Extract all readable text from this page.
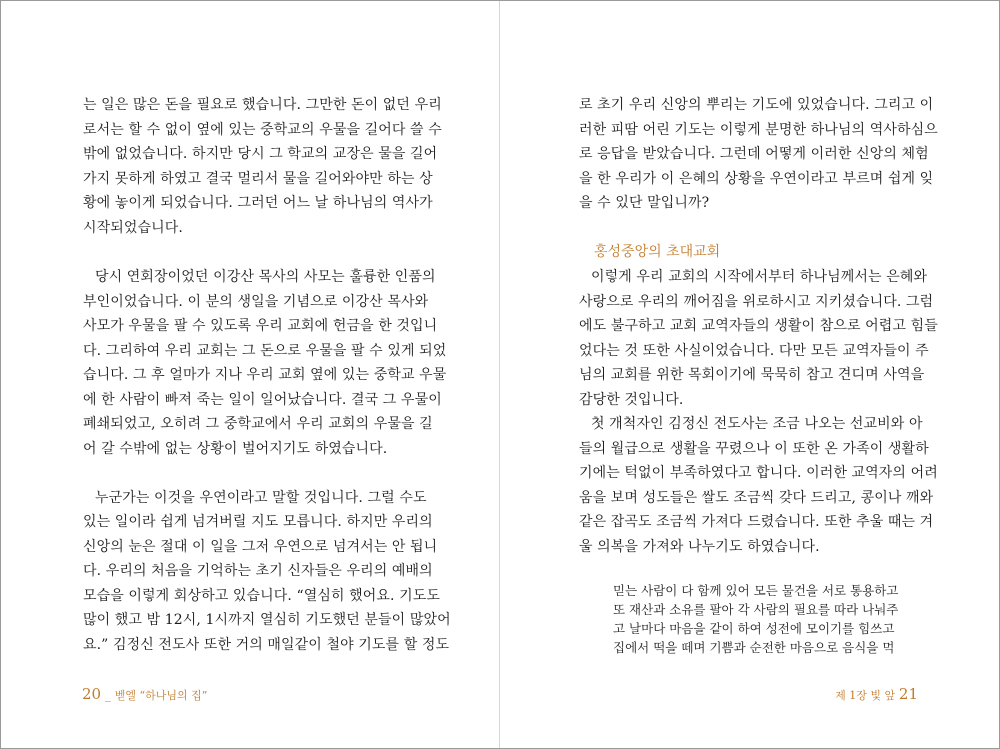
는 일은 많은 돈을 필요로 했습니다. 그만한 돈이 없던 우리
로서는 할 수 없이 옆에 있는 중학교의 우물을 길어다 쓸 수
밖에 없었습니다. 하지만 당시 그 학교의 교장은 물을 길어
가지 못하게 하였고 결국 멀리서 물을 길어와야만 하는 상
황에 놓이게 되었습니다. 그러던 어느 날 하나님의 역사가
시작되었습니다.
당시 연회장이었던 이강산 목사의 사모는 훌륭한 인품의
부인이었습니다. 이 분의 생일을 기념으로 이강산 목사와
사모가 우물을 팔 수 있도록 우리 교회에 헌금을 한 것입니
다. 그리하여 우리 교회는 그 돈으로 우물을 팔 수 있게 되었
습니다. 그 후 얼마가 지나 우리 교회 옆에 있는 중학교 우물
에 한 사람이 빠져 죽는 일이 일어났습니다. 결국 그 우물이
폐쇄되었고, 오히려 그 중학교에서 우리 교회의 우물을 길
어 갈 수밖에 없는 상황이 벌어지기도 하였습니다.
누군가는 이것을 우연이라고 말할 것입니다. 그럴 수도
있는 일이라 쉽게 넘겨버릴 지도 모릅니다. 하지만 우리의
신앙의 눈은 절대 이 일을 그저 우연으로 넘겨서는 안 됩니
다. 우리의 처음을 기억하는 초기 신자들은 우리의 예배의
모습을 이렇게 회상하고 있습니다. “열심히 했어요. 기도도
많이 했고 밤 12시, 1시까지 열심히 기도했던 분들이 많았어
요.” 김정신 전도사 또한 거의 매일같이 철야 기도를 할 정도
20 _ 벧엘 “하나님의 집”
로 초기 우리 신앙의 뿌리는 기도에 있었습니다. 그리고 이
러한 피땀 어린 기도는 이렇게 분명한 하나님의 역사하심으
로 응답을 받았습니다. 그런데 어떻게 이러한 신앙의 체험
을 한 우리가 이 은혜의 상황을 우연이라고 부르며 쉽게 잊
을 수 있단 말입니까?
홍성중앙의 초대교회
이렇게 우리 교회의 시작에서부터 하나님께서는 은혜와
사랑으로 우리의 깨어짐을 위로하시고 지키셨습니다. 그럼
에도 불구하고 교회 교역자들의 생활이 참으로 어렵고 힘들
었다는 것 또한 사실이었습니다. 다만 모든 교역자들이 주
님의 교회를 위한 목회이기에 묵묵히 참고 견디며 사역을
감당한 것입니다.
첫 개척자인 김정신 전도사는 조금 나오는 선교비와 아
들의 월급으로 생활을 꾸렸으나 이 또한 온 가족이 생활하
기에는 턱없이 부족하였다고 합니다. 이러한 교역자의 어려
움을 보며 성도들은 쌀도 조금씩 갖다 드리고, 콩이나 깨와
같은 잡곡도 조금씩 가져다 드렸습니다. 또한 추울 때는 겨
울 의복을 가져와 나누기도 하였습니다.
믿는 사람이 다 함께 있어 모든 물건을 서로 통용하고
또 재산과 소유를 팔아 각 사람의 필요를 따라 나눠주
고 날마다 마음을 같이 하여 성전에 모이기를 힘쓰고
집에서 떡을 떼며 기쁨과 순전한 마음으로 음식을 먹
제 1장 빛 앞 21
